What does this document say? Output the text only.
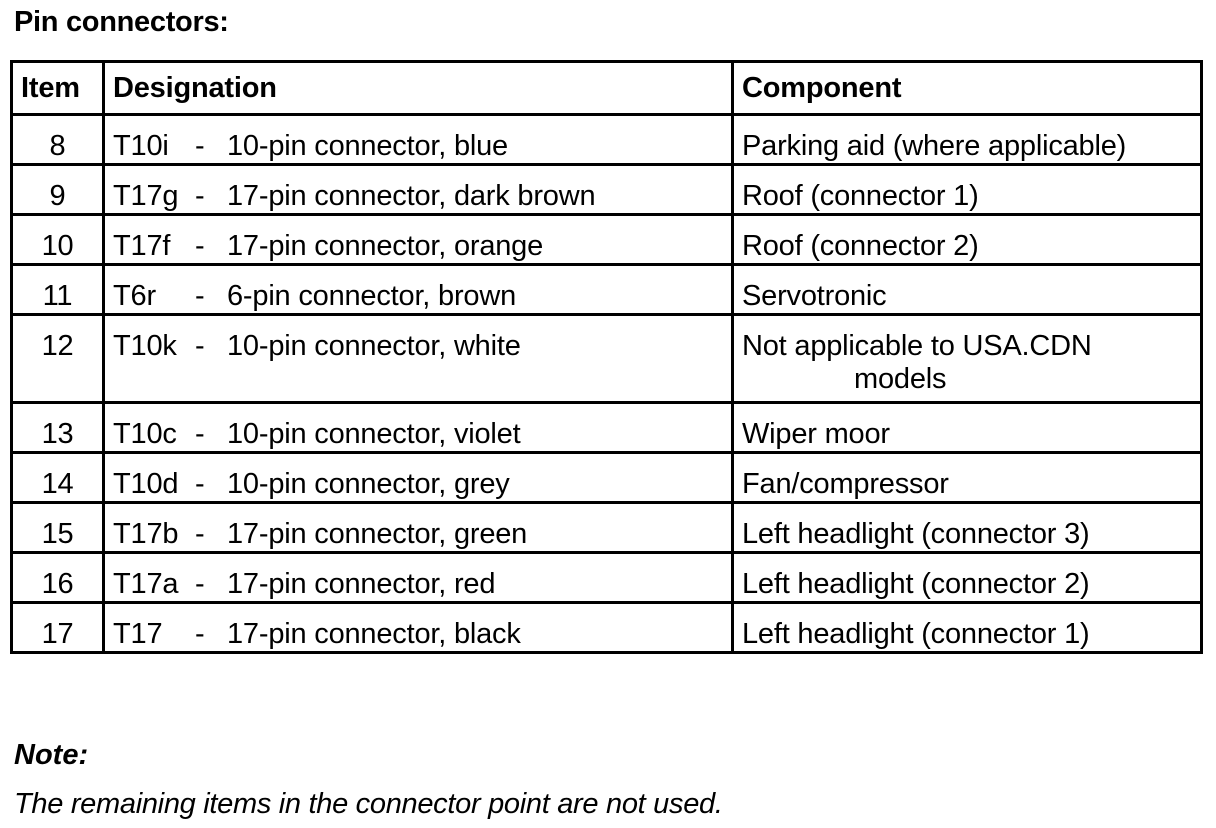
Pin connectors:
Item	Designation	Component
8	T10i - 10-pin connector, blue	Parking aid (where applicable)
9	T17g - 17-pin connector, dark brown	Roof (connector 1)
10	T17f - 17-pin connector, orange	Roof (connector 2)
11	T6r - 6-pin connector, brown	Servotronic
12	T10k - 10-pin connector, white	Not applicable to USA.CDN
models

13	T10c - 10-pin connector, violet	Wiper moor
14	T10d - 10-pin connector, grey	Fan/compressor
15	T17b - 17-pin connector, green	Left headlight (connector 3)
16	T17a - 17-pin connector, red	Left headlight (connector 2)
17	T17 - 17-pin connector, black	Left headlight (connector 1)
Note:
The remaining items in the connector point are not used.
